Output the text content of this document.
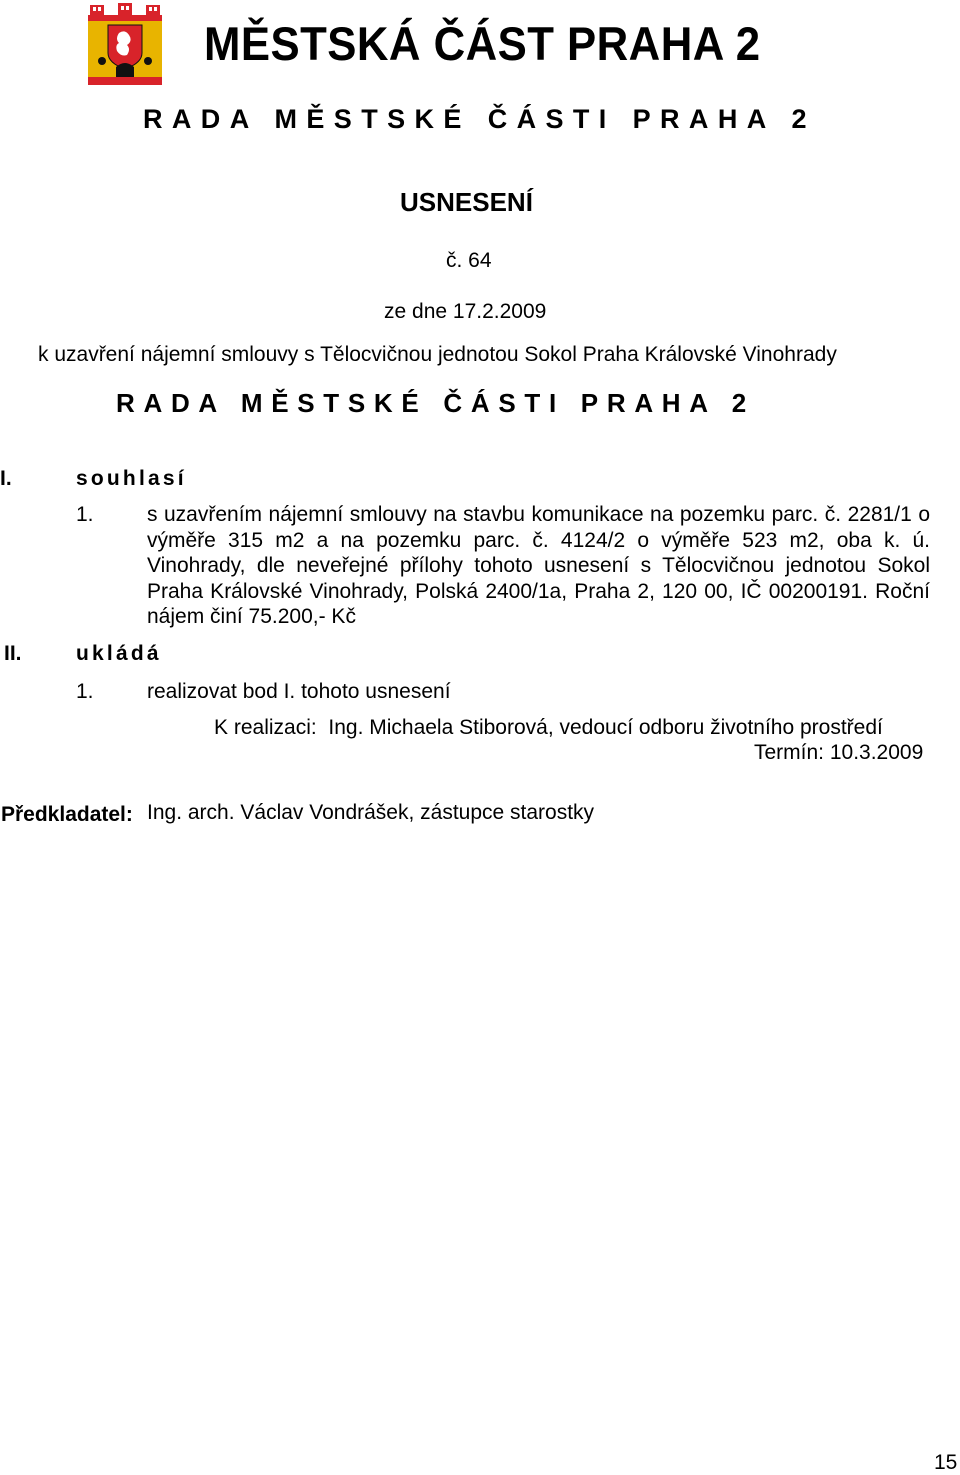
MĚSTSKÁ ČÁST PRAHA 2
RADA MĚSTSKÉ ČÁSTI PRAHA 2
USNESENÍ
č. 64
ze dne 17.2.2009
k uzavření nájemní smlouvy s Tělocvičnou jednotou Sokol Praha Královské Vinohrady
RADA MĚSTSKÉ ČÁSTI PRAHA 2
I.	souhlasí
1.	s uzavřením nájemní smlouvy na stavbu komunikace na pozemku parc. č. 2281/1 o výměře 315 m2 a na pozemku parc. č. 4124/2 o výměře 523 m2, oba k. ú. Vinohrady, dle neveřejné přílohy tohoto usnesení s Tělocvičnou jednotou Sokol Praha Královské Vinohrady, Polská 2400/1a, Praha 2, 120 00, IČ 00200191. Roční nájem činí 75.200,- Kč
II.	ukládá
1.	realizovat bod I. tohoto usnesení
K realizaci:  Ing. Michaela Stiborová, vedoucí odboru životního prostředí
Termín: 10.3.2009
Předkladatel: Ing. arch. Václav Vondrášek, zástupce starostky
15
